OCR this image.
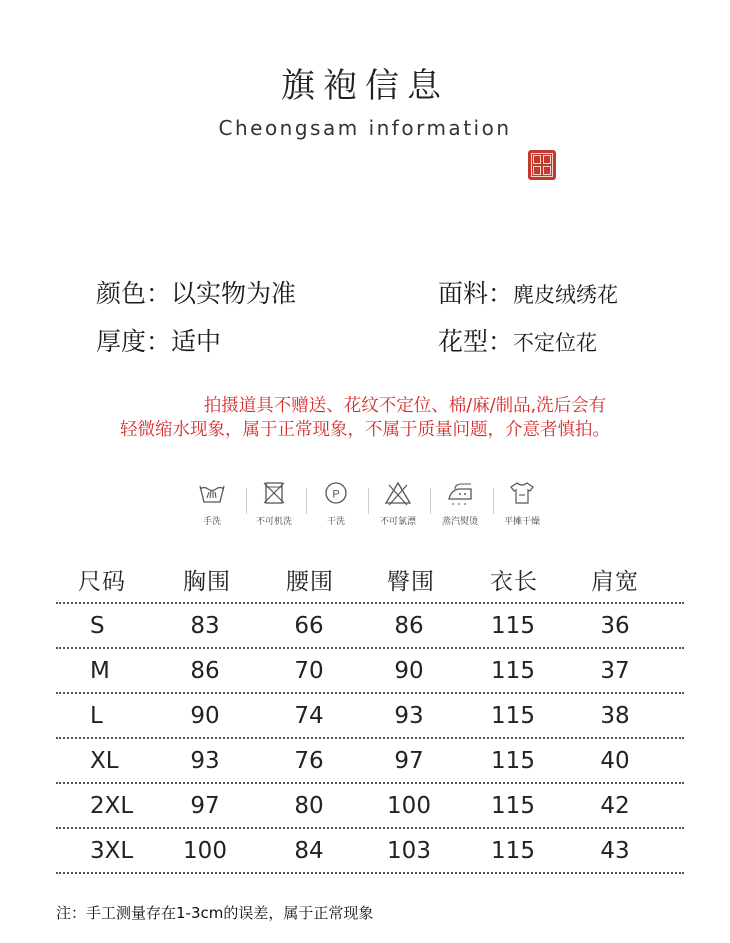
旗袍信息
Cheongsam information
颜色：以实物为准	面料：麂皮绒绣花
厚度：适中	花型：不定位花
拍摄道具不赠送、花纹不定位、棉/麻/制品,洗后会有
轻微缩水现象，属于正常现象，不属于质量问题，介意者慎拍。
手洗	不可机洗
P
干洗	不可氯漂	蒸汽熨烫	平摊干燥
尺码	胸围	腰围	臀围	衣长	肩宽
S	83	66	86	115	36
M	86	70	90	115	37
L	90	74	93	115	38
XL	93	76	97	115	40
2XL	97	80	100	115	42
3XL	100	84	103	115	43
注：手工测量存在1-3cm的误差，属于正常现象
